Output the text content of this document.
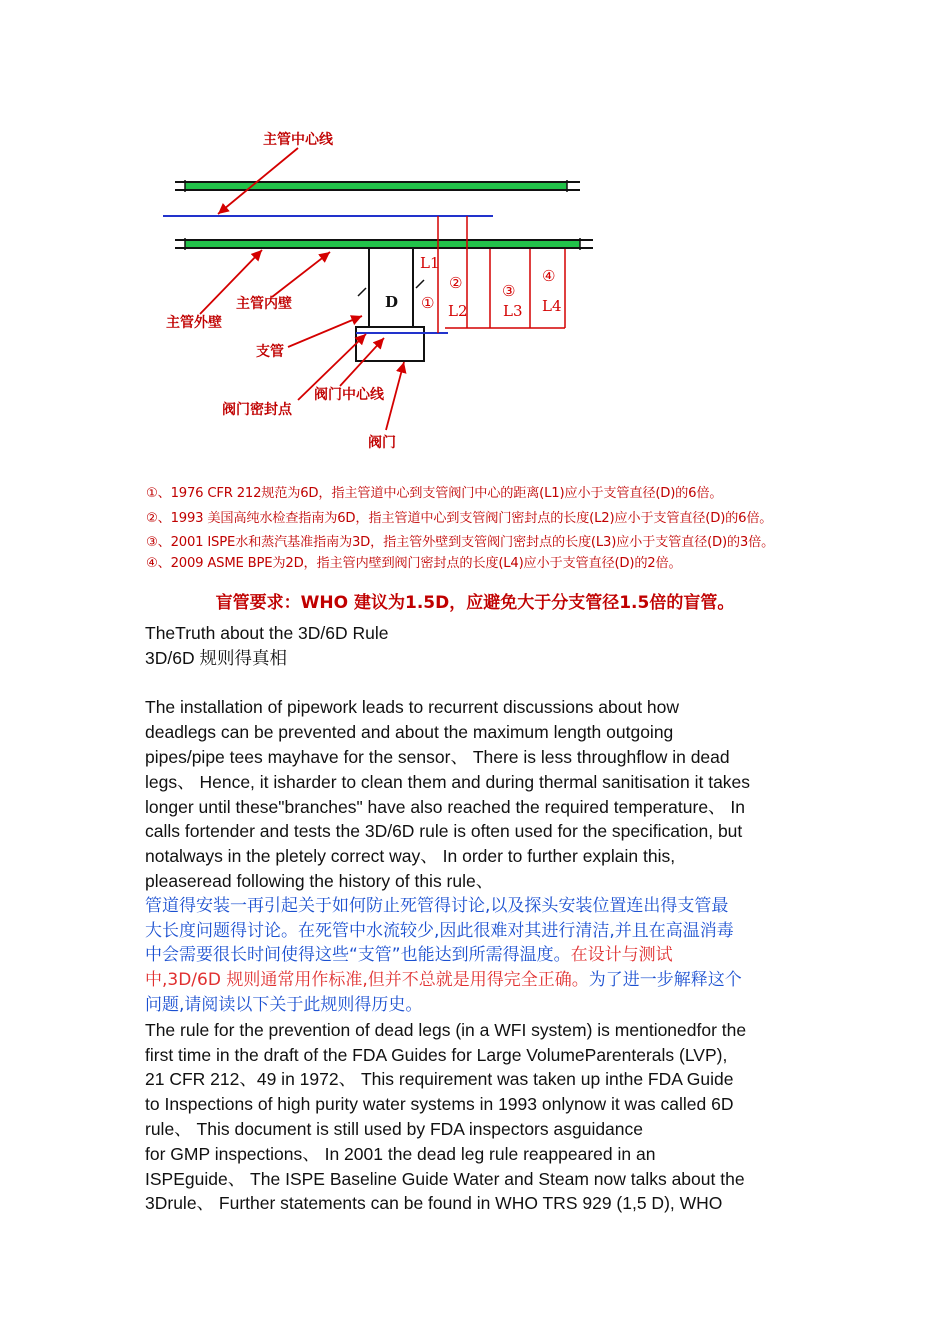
D
L1
①
②
L2
③
L3
④
L4
主管中心线
主管内壁
主管外壁
支管
阀门中心线
阀门密封点
阀门
①、1976 CFR 212规范为6D，指主管道中心到支管阀门中心的距离(L1)应小于支管直径(D)的6倍。
②、1993 美国高纯水检查指南为6D，指主管道中心到支管阀门密封点的长度(L2)应小于支管直径(D)的6倍。
③、2001 ISPE水和蒸汽基准指南为3D，指主管外壁到支管阀门密封点的长度(L3)应小于支管直径(D)的3倍。
④、2009 ASME BPE为2D，指主管内壁到阀门密封点的长度(L4)应小于支管直径(D)的2倍。
盲管要求：WHO 建议为1.5D，应避免大于分支管径1.5倍的盲管。

TheTruth about the 3D/6D Rule

3D/6D 规则得真相

The installation of pipework leads to recurrent discussions about how
deadlegs can be prevented and about the maximum length outgoing
pipes/pipe tees mayhave for the sensor、 There is less throughflow in dead
legs、 Hence, it isharder to clean them and during thermal sanitisation it takes
longer until these"branches" have also reached the required temperature、 In
calls fortender and tests the 3D/6D rule is often used for the specification, but
notalways in the pletely correct way、 In order to further explain this,
pleaseread following the history of this rule、

管道得安装一再引起关于如何防止死管得讨论,以及探头安装位置连出得支管最
大长度问题得讨论。在死管中水流较少,因此很难对其进行清洁,并且在高温消毒
中会需要很长时间使得这些“支管”也能达到所需得温度。在设计与测试
中,3D/6D 规则通常用作标准,但并不总就是用得完全正确。为了进一步解释这个
问题,请阅读以下关于此规则得历史。

The rule for the prevention of dead legs (in a WFI system) is mentionedfor the
first time in the draft of the FDA Guides for Large VolumeParenterals (LVP),
21 CFR 212、49 in 1972、 This requirement was taken up inthe FDA Guide
to Inspections of high purity water systems in 1993 onlynow it was called 6D
rule、 This document is still used by FDA inspectors asguidance
for GMP inspections、 In 2001 the dead leg rule reappeared in an
ISPEguide、 The ISPE Baseline Guide Water and Steam now talks about the
3Drule、 Further statements can be found in WHO TRS 929 (1,5 D), WHO
